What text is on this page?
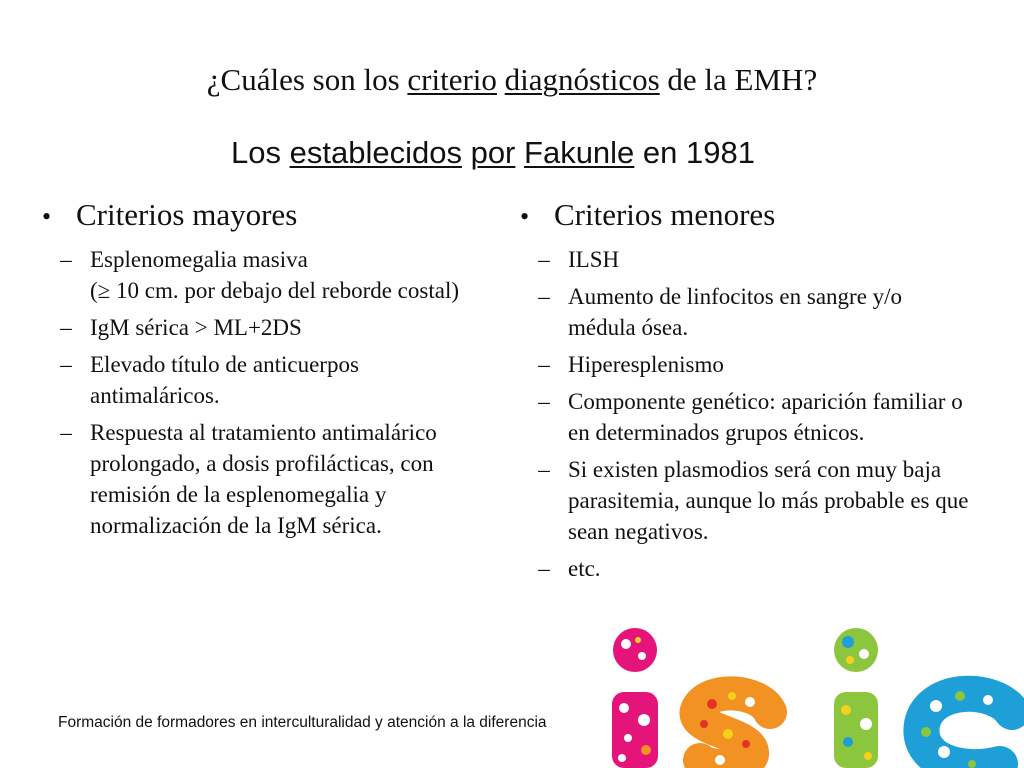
¿Cuáles son los criterio diagnósticos de la EMH?
Los establecidos por Fakunle en 1981
• Criterios mayores
– Esplenomegalia masiva
(≥ 10 cm. por debajo del reborde costal)
– IgM sérica > ML+2DS
– Elevado título de anticuerpos antimaláricos.
– Respuesta al tratamiento antimalárico prolongado, a dosis profilácticas, con remisión de la esplenomegalia y normalización de la IgM sérica.
• Criterios menores
– ILSH
– Aumento de linfocitos en sangre y/o médula ósea.
– Hiperesplenismo
– Componente genético: aparición familiar o en determinados grupos étnicos.
– Si existen plasmodios será con muy baja parasitemia, aunque lo más probable es que sean negativos.
– etc.
Formación de formadores en interculturalidad y atención a la diferencia
